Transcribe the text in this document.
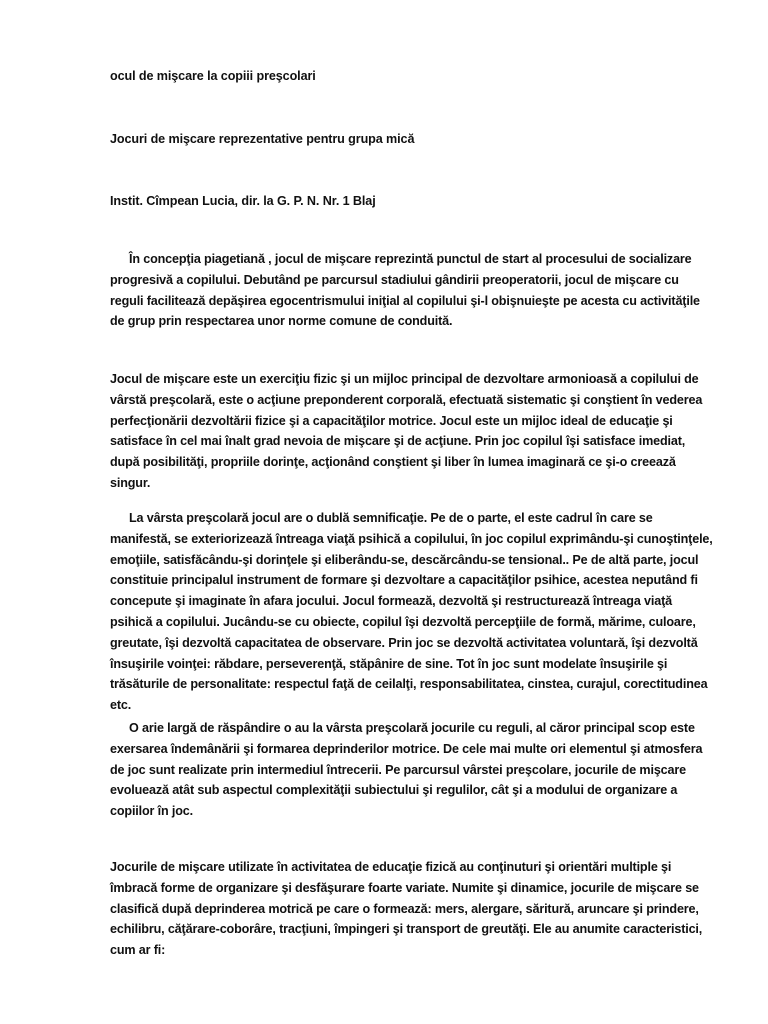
ocul de mişcare la copiii preşcolari
Jocuri de mişcare reprezentative pentru grupa mică
Instit. Cîmpean Lucia, dir. la G. P. N. Nr. 1 Blaj

În concepţia piagetiană , jocul de mişcare reprezintă punctul de start al procesului de socializare progresivă a copilului. Debutând pe parcursul stadiului gândirii preoperatorii, jocul de mişcare cu reguli facilitează depăşirea egocentrismului iniţial al copilului şi-l obişnuieşte pe acesta cu activităţile de grup prin respectarea unor norme comune de conduită.

Jocul de mişcare este un exerciţiu fizic şi un mijloc principal de dezvoltare armonioasă a copilului de vârstă preşcolară, este o acţiune preponderent corporală, efectuată sistematic şi conştient în vederea perfecţionării dezvoltării fizice şi a capacităţilor motrice. Jocul este un mijloc ideal de educaţie şi satisface în cel mai înalt grad nevoia de mişcare şi de acţiune. Prin joc copilul îşi satisface imediat, după posibilităţi, propriile dorinţe, acţionând conştient şi liber în lumea imaginară ce şi-o creează singur.

La vârsta preşcolară jocul are o dublă semnificaţie. Pe de o parte, el este cadrul în care se manifestă, se exteriorizează întreaga viaţă psihică a copilului, în joc copilul exprimându-şi cunoştinţele, emoţiile, satisfăcându-şi dorinţele şi eliberându-se, descărcându-se tensional.. Pe de altă parte, jocul constituie principalul instrument de formare şi dezvoltare a capacităţilor psihice, acestea neputând fi concepute şi imaginate în afara jocului. Jocul formează, dezvoltă şi restructurează întreaga viaţă psihică a copilului. Jucându-se cu obiecte, copilul îşi dezvoltă percepţiile de formă, mărime, culoare, greutate, îşi dezvoltă capacitatea de observare. Prin joc se dezvoltă activitatea voluntară, îşi dezvoltă însuşirile voinţei: răbdare, perseverenţă, stăpânire de sine. Tot în joc sunt modelate însuşirile şi trăsăturile de personalitate: respectul faţă de ceilalţi, responsabilitatea, cinstea, curajul, corectitudinea etc.

O arie largă de răspândire o au la vârsta preşcolară jocurile cu reguli, al căror principal scop este exersarea îndemânării şi formarea deprinderilor motrice. De cele mai multe ori elementul şi atmosfera de joc sunt realizate prin intermediul întrecerii. Pe parcursul vârstei preşcolare, jocurile de mişcare evoluează atât sub aspectul complexităţii subiectului şi regulilor, cât şi a modului de organizare a copiilor în joc.

Jocurile de mişcare utilizate în activitatea de educaţie fizică au conţinuturi şi orientări multiple şi îmbracă forme de organizare şi desfăşurare foarte variate. Numite şi dinamice, jocurile de mişcare se clasifică după deprinderea motrică pe care o formează: mers, alergare, săritură, aruncare şi prindere, echilibru, căţărare-coborâre, tracţiuni, împingeri şi transport de greutăţi. Ele au anumite caracteristici, cum ar fi:
